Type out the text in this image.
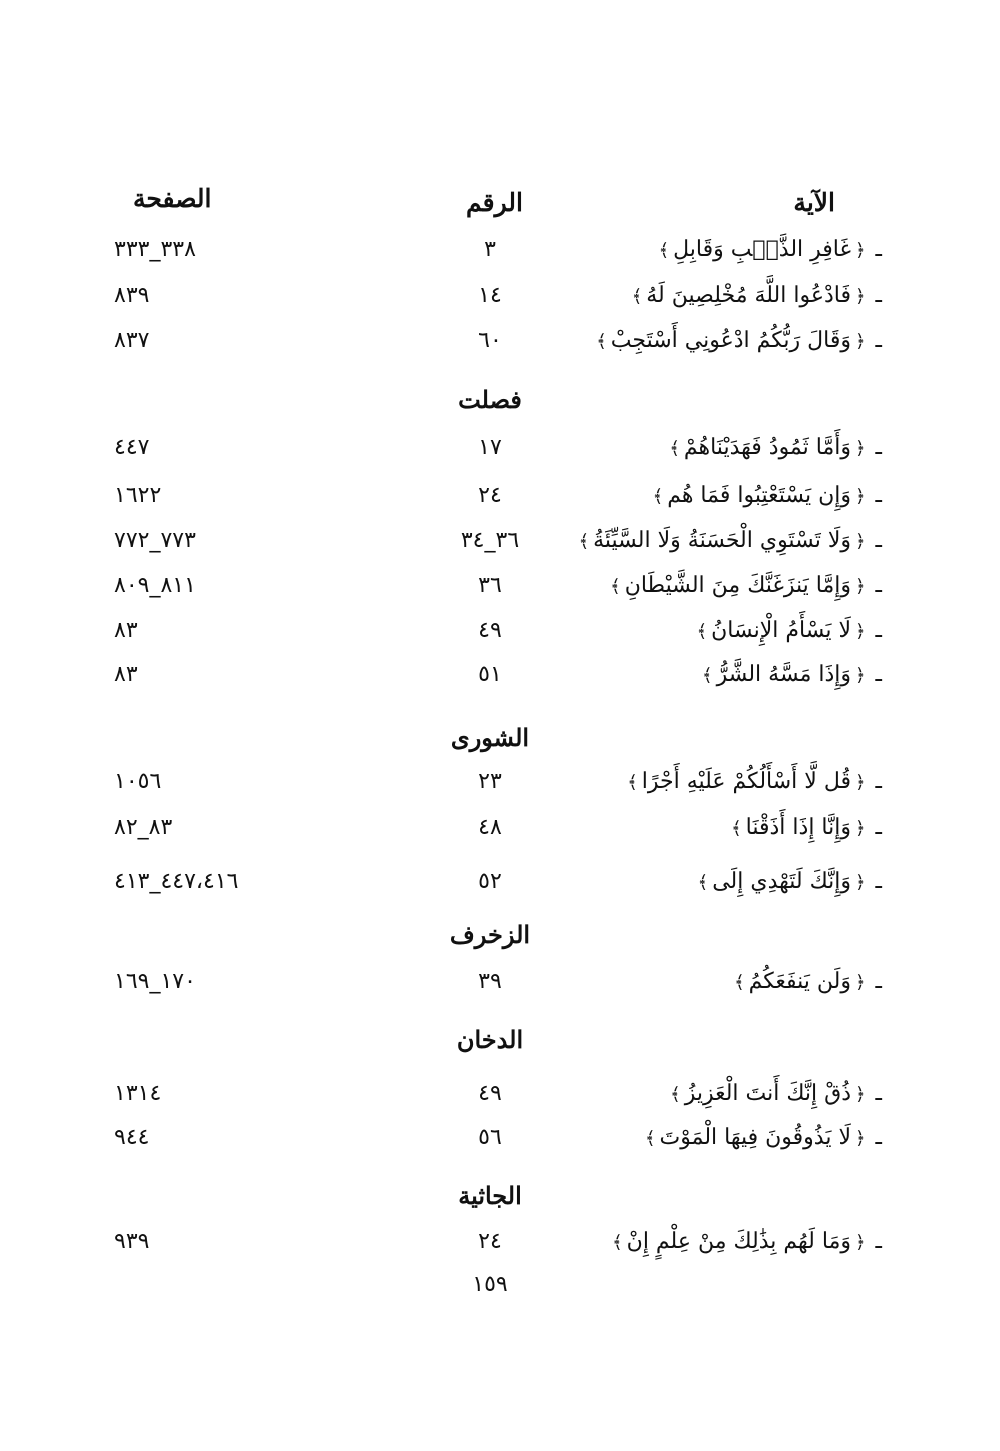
الآية
الرقم
الصفحة
ـ﴿غَافِرِ الذَّنۢبِ وَقَابِلِ﴾
٣
٣٣٨_٣٣٣
ـ﴿فَادْعُوا اللَّهَ مُخْلِصِينَ لَهُ﴾
١٤
٨٣٩
ـ﴿وَقَالَ رَبُّكُمُ ادْعُونِي أَسْتَجِبْ﴾
٦٠
٨٣٧
فصلت
ـ﴿وَأَمَّا ثَمُودُ فَهَدَيْنَاهُمْ﴾
١٧
٤٤٧
ـ﴿وَإِن يَسْتَعْتِبُوا فَمَا هُم﴾
٢٤
١٦٢٢
ـ﴿وَلَا تَسْتَوِي الْحَسَنَةُ وَلَا السَّيِّئَةُ﴾
٣٦_٣٤
٧٧٣_٧٧٢
ـ﴿وَإِمَّا يَنزَغَنَّكَ مِنَ الشَّيْطَانِ﴾
٣٦
٨١١_٨٠٩
ـ﴿لَا يَسْأَمُ الْإِنسَانُ﴾
٤٩
٨٣
ـ﴿وَإِذَا مَسَّهُ الشَّرُّ﴾
٥١
٨٣
الشورى
ـ﴿قُل لَّا أَسْأَلُكُمْ عَلَيْهِ أَجْرًا﴾
٢٣
١٠٥٦
ـ﴿وَإِنَّا إِذَا أَذَقْنَا﴾
٤٨
٨٣_٨٢
ـ﴿وَإِنَّكَ لَتَهْدِي إِلَى﴾
٥٢
٤٤٧،٤١٦_٤١٣
الزخرف
ـ﴿وَلَن يَنفَعَكُمُ﴾
٣٩
١٧٠_١٦٩
الدخان
ـ﴿ذُقْ إِنَّكَ أَنتَ الْعَزِيزُ﴾
٤٩
١٣١٤
ـ﴿لَا يَذُوقُونَ فِيهَا الْمَوْتَ﴾
٥٦
٩٤٤
الجاثية
ـ﴿وَمَا لَهُم بِذَٰلِكَ مِنْ عِلْمٍ إِنْ﴾
٢٤
٩٣٩
١٥٩
